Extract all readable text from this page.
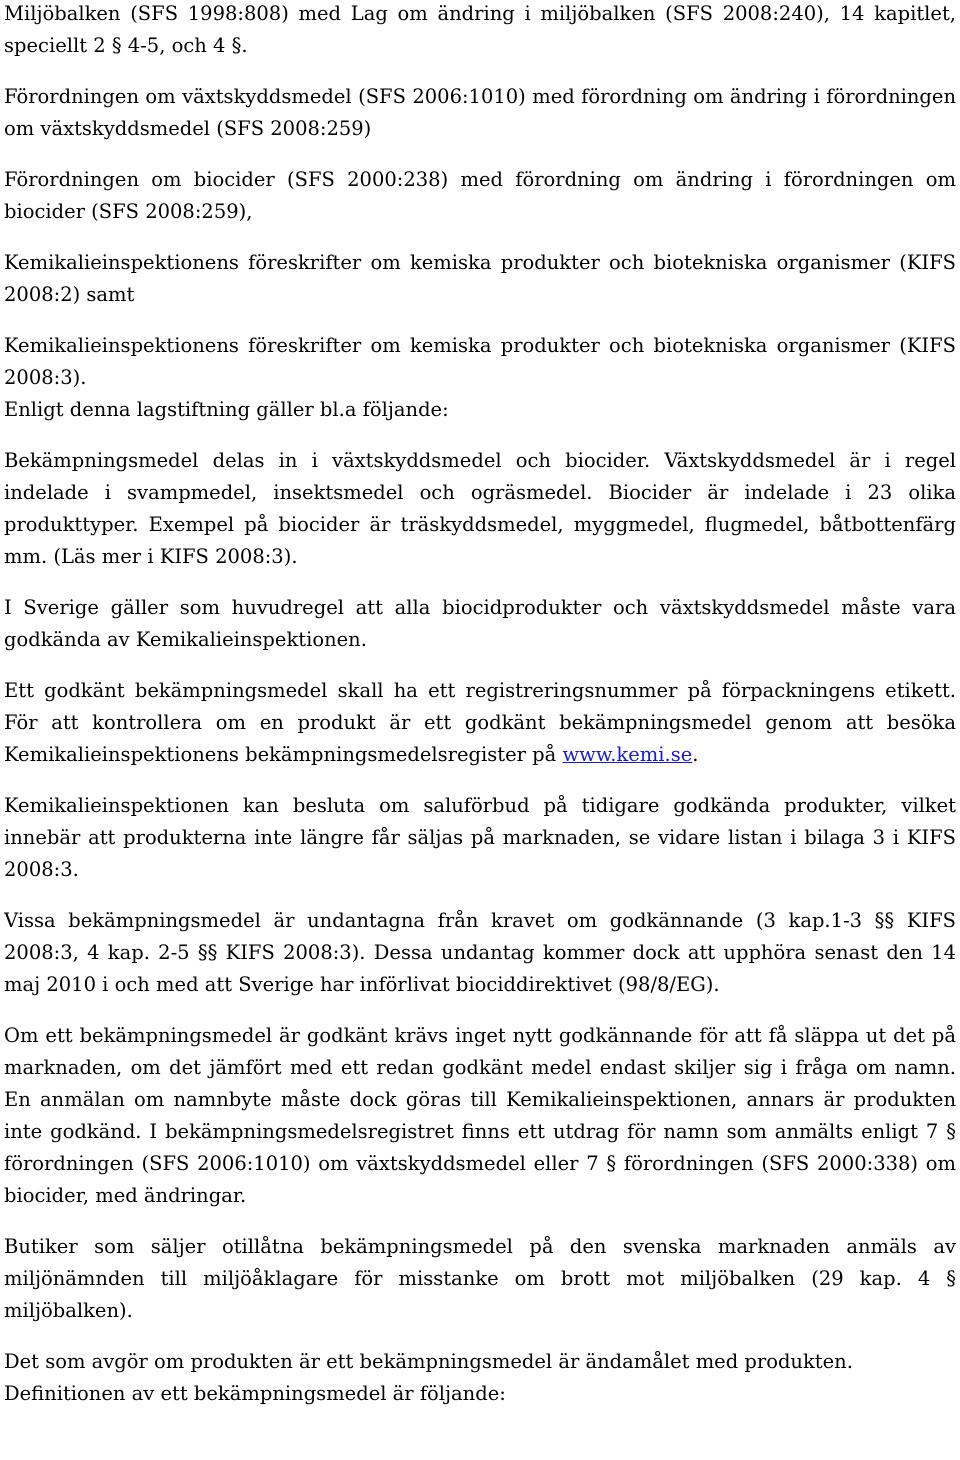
Miljöbalken (SFS 1998:808) med Lag om ändring i miljöbalken (SFS 2008:240), 14 kapitlet, speciellt 2 § 4-5, och 4 §.

Förordningen om växtskyddsmedel (SFS 2006:1010) med förordning om ändring i förordningen om växtskyddsmedel (SFS 2008:259)

Förordningen om biocider (SFS 2000:238) med förordning om ändring i förordningen om biocider (SFS 2008:259),

Kemikalieinspektionens föreskrifter om kemiska produkter och biotekniska organismer (KIFS 2008:2) samt

Kemikalieinspektionens föreskrifter om kemiska produkter och biotekniska organismer (KIFS 2008:3).

Enligt denna lagstiftning gäller bl.a följande:

Bekämpningsmedel delas in i växtskyddsmedel och biocider. Växtskyddsmedel är i regel indelade i svampmedel, insektsmedel och ogräsmedel. Biocider är indelade i 23 olika produkttyper. Exempel på biocider är träskyddsmedel, myggmedel, flugmedel, båtbottenfärg mm. (Läs mer i KIFS 2008:3).

I Sverige gäller som huvudregel att alla biocidprodukter och växtskyddsmedel måste vara godkända av Kemikalieinspektionen.

Ett godkänt bekämpningsmedel skall ha ett registreringsnummer på förpackningens etikett. För att kontrollera om en produkt är ett godkänt bekämpningsmedel genom att besöka Kemikalieinspektionens bekämpningsmedelsregister på www.kemi.se.

Kemikalieinspektionen kan besluta om saluförbud på tidigare godkända produkter, vilket innebär att produkterna inte längre får säljas på marknaden, se vidare listan i bilaga 3 i KIFS 2008:3.

Vissa bekämpningsmedel är undantagna från kravet om godkännande (3 kap.1-3 §§ KIFS 2008:3, 4 kap. 2-5 §§ KIFS 2008:3). Dessa undantag kommer dock att upphöra senast den 14 maj 2010 i och med att Sverige har införlivat biociddirektivet (98/8/EG).

Om ett bekämpningsmedel är godkänt krävs inget nytt godkännande för att få släppa ut det på marknaden, om det jämfört med ett redan godkänt medel endast skiljer sig i fråga om namn. En anmälan om namnbyte måste dock göras till Kemikalieinspektionen, annars är produkten inte godkänd. I bekämpningsmedelsregistret finns ett utdrag för namn som anmälts enligt 7 § förordningen (SFS 2006:1010) om växtskyddsmedel eller 7 § förordningen (SFS 2000:338) om biocider, med ändringar.

Butiker som säljer otillåtna bekämpningsmedel på den svenska marknaden anmäls av miljönämnden till miljöåklagare för misstanke om brott mot miljöbalken (29 kap. 4 § miljöbalken).

Det som avgör om produkten är ett bekämpningsmedel är ändamålet med produkten.

Definitionen av ett bekämpningsmedel är följande:
